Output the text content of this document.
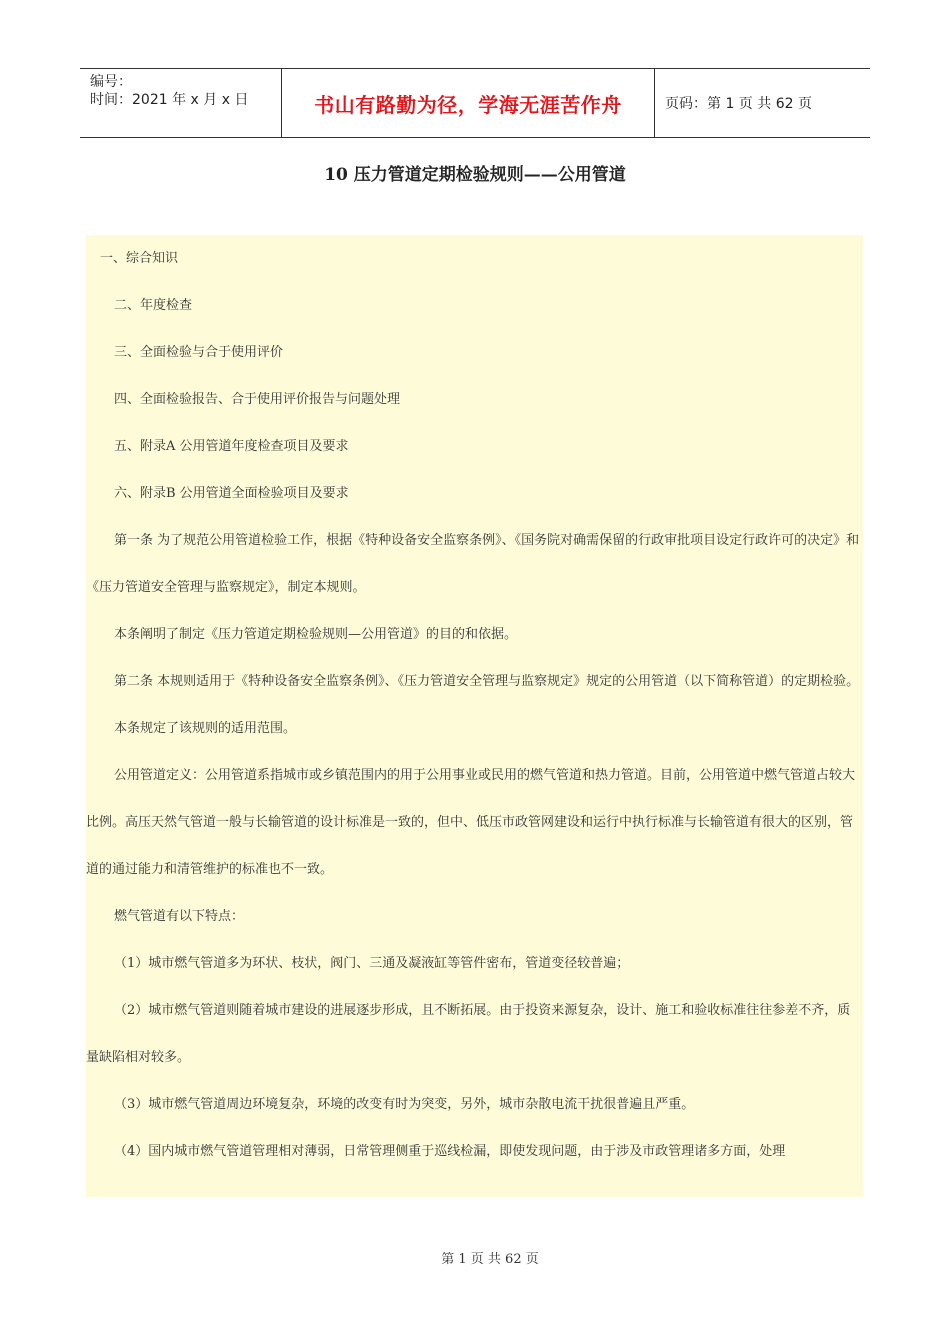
编号：
时间：2021 年 x 月 x 日	书山有路勤为径，学海无涯苦作舟	页码：第 1 页 共 62 页
10 压力管道定期检验规则——公用管道

一、综合知识

二、年度检查

三、全面检验与合于使用评价

四、全面检验报告、合于使用评价报告与问题处理

五、附录A 公用管道年度检查项目及要求

六、附录B 公用管道全面检验项目及要求

第一条 为了规范公用管道检验工作，根据《特种设备安全监察条例》、《国务院对确需保留的行政审批项目设定行政许可的决定》和《压力管道安全管理与监察规定》，制定本规则。

本条阐明了制定《压力管道定期检验规则—公用管道》的目的和依据。

第二条 本规则适用于《特种设备安全监察条例》、《压力管道安全管理与监察规定》规定的公用管道（以下简称管道）的定期检验。

本条规定了该规则的适用范围。

公用管道定义：公用管道系指城市或乡镇范围内的用于公用事业或民用的燃气管道和热力管道。目前，公用管道中燃气管道占较大比例。高压天然气管道一般与长输管道的设计标准是一致的，但中、低压市政管网建设和运行中执行标准与长输管道有很大的区别，管道的通过能力和清管维护的标准也不一致。

燃气管道有以下特点：

（1）城市燃气管道多为环状、枝状，阀门、三通及凝液缸等管件密布，管道变径较普遍；

（2）城市燃气管道则随着城市建设的进展逐步形成，且不断拓展。由于投资来源复杂，设计、施工和验收标准往往参差不齐，质量缺陷相对较多。

（3）城市燃气管道周边环境复杂，环境的改变有时为突变，另外，城市杂散电流干扰很普遍且严重。

（4）国内城市燃气管道管理相对薄弱，日常管理侧重于巡线检漏，即使发现问题，由于涉及市政管理诸多方面，处理

第 1 页 共 62 页
